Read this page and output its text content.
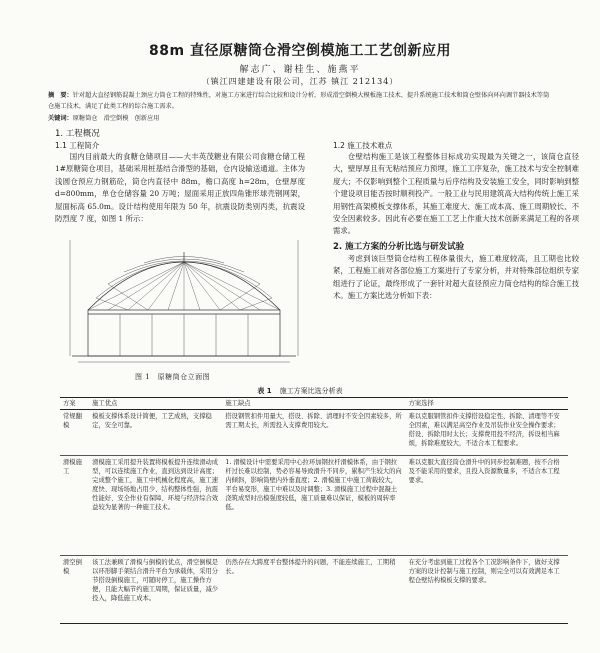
88m 直径原糖筒仓滑空倒模施工工艺创新应用
解志广、谢桂生、施燕平
（镇江四建建设有限公司，江苏 镇江 212134）
摘　要：针对超大直径钢筋混凝土颈应力筒仓工程的特殊性，对施工方案进行综合比较和设计分析，形成滑空倒模大模板施工技术、提升系统施工技术和筒仓壁体向环向调节器技术等筒仓施工技术，满足了此类工程的综合施工需求。
关键词：原糖筒仓　滑空倒模　创新应用

1. 工程概况

1.1 工程简介

国内目前最大的食糖仓储项目——大丰英茂糖业有限公司食糖仓储工程 1#原糖筒仓项目，基础采用桩基结合滑型的基础，仓内设输送通道。主体为浅圆仓预应力钢筋砼，筒仓内直径中 88m，檐口高度 h=28m，仓壁厚度 d=800mm，单仓仓储容量 20 万吨；屋面采用正放四角锥形球壳钢网架，屋面标高 65.0m。设计结构使用年限为 50 年，抗震设防类别丙类，抗震设防烈度 7 度，如图 1 所示：

图 1　原糖筒仓立面图

1.2 施工技术难点

仓壁结构施工是该工程整体目标成功实现最为关键之一，该筒仓直径大，壁厚厚且有无粘结预应力预埋，施工工序复杂，施工技术与安全控制难度大；不仅影响到整个工程质量与后序结构及安装施工安全，同时影响到整个建设项目能否按时顺利投产。一般工业与民用建筑高大结构传统上施工采用钢性高架模板支撑体系，其施工难度大、施工成本高、施工周期较长、不安全因素较多。因此有必要在施工工艺上作重大技术创新来满足工程的各项需求。

2. 施工方案的分析比选与研发试验

考虑到该巨型筒仓结构工程体量很大，施工难度较高，且工期也比较紧，工程施工前对各部位施工方案进行了专家分析，并对特殊部位组织专家组进行了论证，最终形成了一套针对超大直径预应力筒仓结构的综合施工技术。施工方案比选分析如下表：

表 1 施工方案比选分析表
方案	施工优点	施工缺点	方案选择
常规翻模	模板支撑体系设计简便，工艺成熟，支撑稳定，安全可靠。	搭设钢管扣件用量大，搭设、拆除、清理时不安全因素较多，所需工期太长，所需投入支撑费用较大。	难以克服钢管扣件支撑搭设稳定性、拆除、清理等不安全因素，难以满足高空作业及吊装作业安全操作要求；搭设、拆除用时太长；支撑费用投不经济，拆设相当麻烦，拆除难度较大，不适合本工程要求。
滑模施工	滑模施工采用提升装置将模板提升连续滑动成型，可以连续施工作业，直到达到设计高度；完成整个施工，施工中机械化程度高，施工速度快、现场场地占用少、结构整体性强，抗震性能好、安全作业有保障、环境与经济综合效益较为显著的一种施工技术。	1. 滑模设计中需要采用中心拉环加钢拉杆滑模体系，由于钢拉杆过长难以控制，势必容易导致滑升不同步，累积产生较大的向内倾斜，影响筒壁内外垂直度；2. 滑模施工中施工荷载较大，平台易变形，施工中难以及时调整；3. 滑模施工过程中混凝土浇筑成型时出模强度较低，施工质量难以保证，模板的周转率低。	难以克服大直径筒仓滑升中的同步控制难题，按不合格及不能采用的要求，且投入资源数量多，不适合本工程要求。
滑空倒模	该工法兼顾了滑模与倒模的优点，滑空倒模是以环形脚手架结合滑升平台为承载体，采用分节搭设倒模施工，可随时停工，施工操作方便，且能大幅节约施工周期，保证质量，减少投入，降低施工成本。	仍然存在大跨度平台整体提升的问题，不能连续施工，工期稍长。	在充分考虑到施工过程各个工况影响条件下，做好支撑方案的设计控制与施工控制，则完全可以有效满足本工程仓壁结构模板支撑的要求。
